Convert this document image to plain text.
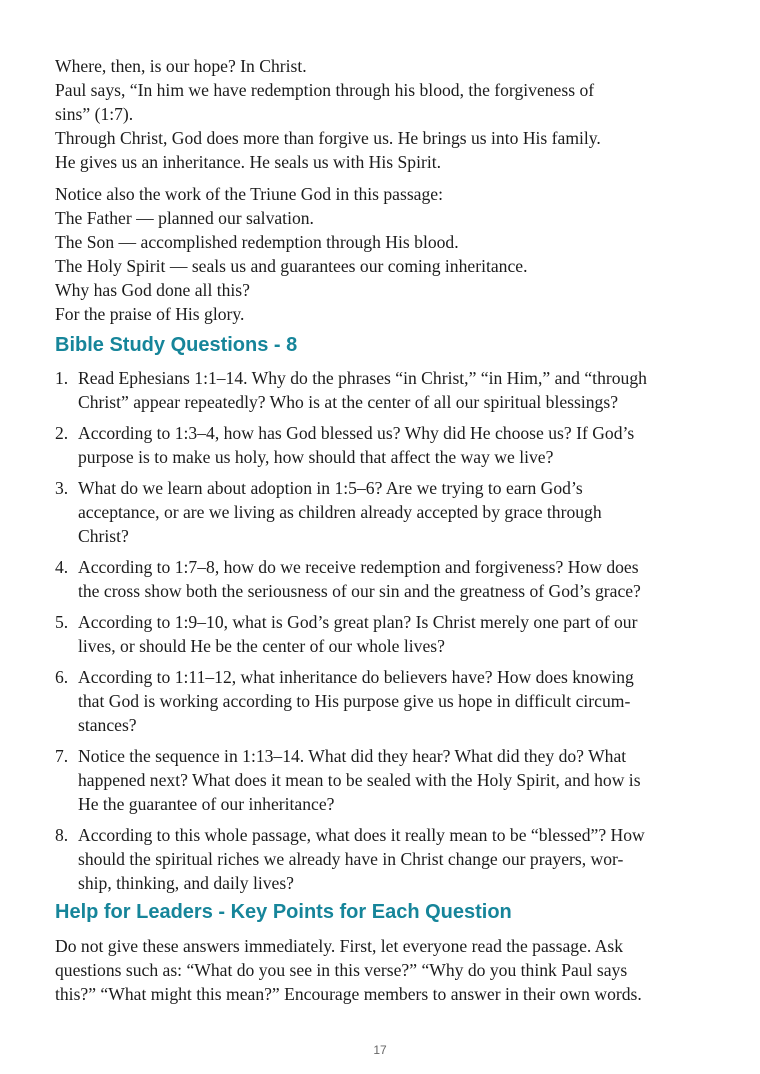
Where, then, is our hope? In Christ.

Paul says, “In him we have redemption through his blood, the forgiveness of

sins” (1:7).

Through Christ, God does more than forgive us. He brings us into His family.

He gives us an inheritance. He seals us with His Spirit.

Notice also the work of the Triune God in this passage:

The Father — planned our salvation.

The Son — accomplished redemption through His blood.

The Holy Spirit — seals us and guarantees our coming inheritance.

Why has God done all this?

For the praise of His glory.

Bible Study Questions - 8
1. Read Ephesians 1:1–14. Why do the phrases “in Christ,” “in Him,” and “through
Christ” appear repeatedly? Who is at the center of all our spiritual blessings?
2. According to 1:3–4, how has God blessed us? Why did He choose us? If God’s
purpose is to make us holy, how should that affect the way we live?
3. What do we learn about adoption in 1:5–6? Are we trying to earn God’s
acceptance, or are we living as children already accepted by grace through
Christ?
4. According to 1:7–8, how do we receive redemption and forgiveness? How does
the cross show both the seriousness of our sin and the greatness of God’s grace?
5. According to 1:9–10, what is God’s great plan? Is Christ merely one part of our
lives, or should He be the center of our whole lives?
6. According to 1:11–12, what inheritance do believers have? How does knowing
that God is working according to His purpose give us hope in difficult circum-
stances?
7. Notice the sequence in 1:13–14. What did they hear? What did they do? What
happened next? What does it mean to be sealed with the Holy Spirit, and how is
He the guarantee of our inheritance?
8. According to this whole passage, what does it really mean to be “blessed”? How
should the spiritual riches we already have in Christ change our prayers, wor-
ship, thinking, and daily lives?
Help for Leaders - Key Points for Each Question

Do not give these answers immediately. First, let everyone read the passage. Ask

questions such as: “What do you see in this verse?” “Why do you think Paul says

this?” “What might this mean?” Encourage members to answer in their own words.

17
